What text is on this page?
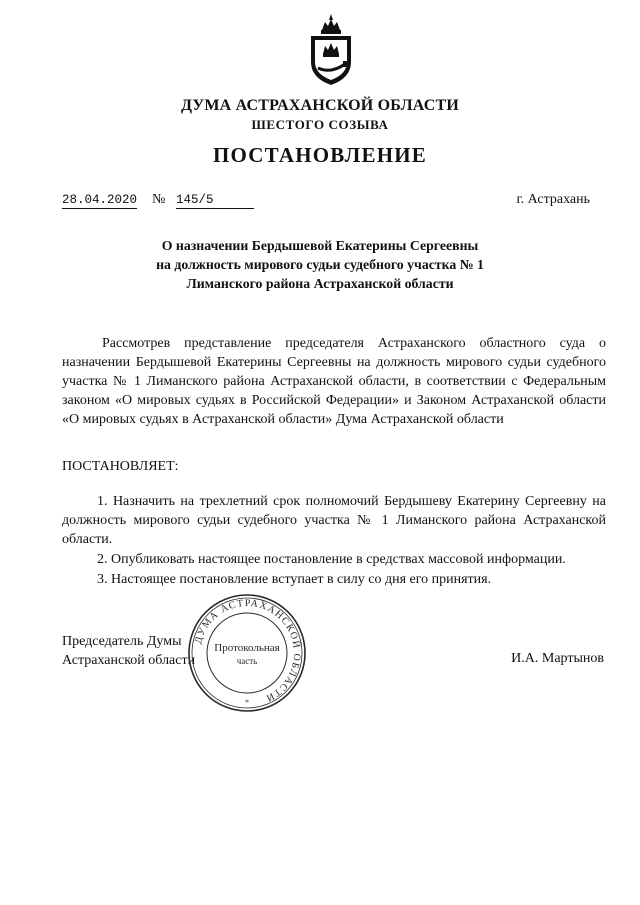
ДУМА АСТРАХАНСКОЙ ОБЛАСТИ
ШЕСТОГО СОЗЫВА
ПОСТАНОВЛЕНИЕ
28.04.2020 № 145/5	г. Астрахань
О назначении Бердышевой Екатерины Сергеевны
на должность мирового судьи судебного участка № 1
Лиманского района Астраханской области
Рассмотрев представление председателя Астраханского областного суда о назначении Бердышевой Екатерины Сергеевны на должность мирового судьи судебного участка № 1 Лиманского района Астраханской области, в соответствии с Федеральным законом «О мировых судьях в Российской Федерации» и Законом Астраханской области «О мировых судьях в Астраханской области» Дума Астраханской области
ПОСТАНОВЛЯЕТ:
1. Назначить на трехлетний срок полномочий Бердышеву Екатерину Сергеевну на должность мирового судьи судебного участка № 1 Лиманского района Астраханской области.
2. Опубликовать настоящее постановление в средствах массовой информации.
3. Настоящее постановление вступает в силу со дня его принятия.
Председатель Думы
Астраханской области	И.А. Мартынов
ДУМА АСТРАХАНСКОЙ ОБЛАСТИ
Протокольная
часть
*
